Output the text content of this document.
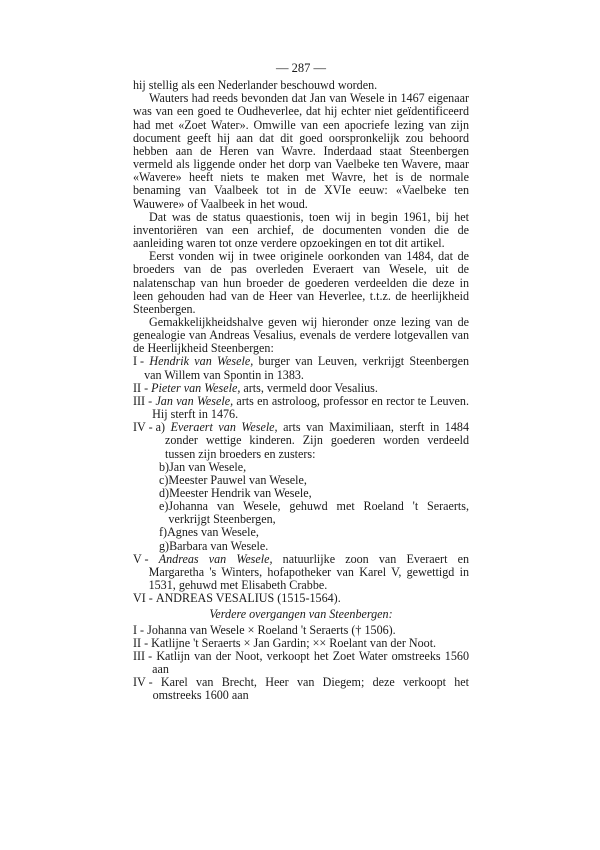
— 287 —

hij stellig als een Nederlander beschouwd worden.

Wauters had reeds bevonden dat Jan van Wesele in 1467 eigenaar was van een goed te Oudheverlee, dat hij echter niet geïdentificeerd had met «Zoet Water». Omwille van een apocriefe lezing van zijn document geeft hij aan dat dit goed oorspronkelijk zou behoord hebben aan de Heren van Wavre. Inderdaad staat Steenbergen vermeld als liggende onder het dorp van Vaelbeke ten Wavere, maar «Wavere» heeft niets te maken met Wavre, het is de normale benaming van Vaalbeek tot in de XVIe eeuw: «Vaelbeke ten Wauwere» of Vaalbeek in het woud.

Dat was de status quaestionis, toen wij in begin 1961, bij het inventoriëren van een archief, de documenten vonden die de aanleiding waren tot onze verdere opzoekingen en tot dit artikel.

Eerst vonden wij in twee originele oorkonden van 1484, dat de broeders van de pas overleden Everaert van Wesele, uit de nalatenschap van hun broeder de goederen verdeelden die deze in leen gehouden had van de Heer van Heverlee, t.t.z. de heerlijkheid Steenbergen.

Gemakkelijkheidshalve geven wij hieronder onze lezing van de genealogie van Andreas Vesalius, evenals de verdere lotgevallen van de Heerlijkheid Steenbergen:

I - Hendrik van Wesele, burger van Leuven, verkrijgt Steenbergen van Willem van Spontin in 1383.
II - Pieter van Wesele, arts, vermeld door Vesalius.
III - Jan van Wesele, arts en astroloog, professor en rector te Leuven. Hij sterft in 1476.
IV - a) Everaert van Wesele, arts van Maximiliaan, sterft in 1484 zonder wettige kinderen. Zijn goederen worden verdeeld tussen zijn broeders en zusters:
b) Jan van Wesele,
c) Meester Pauwel van Wesele,
d) Meester Hendrik van Wesele,
e) Johanna van Wesele, gehuwd met Roeland 't Seraerts, verkrijgt Steenbergen,
f) Agnes van Wesele,
g) Barbara van Wesele.
V - Andreas van Wesele, natuurlijke zoon van Everaert en Margaretha 's Winters, hofapotheker van Karel V, gewettigd in 1531, gehuwd met Elisabeth Crabbe.
VI - ANDREAS VESALIUS (1515-1564).
Verdere overgangen van Steenbergen:
I - Johanna van Wesele × Roeland 't Seraerts († 1506).
II - Katlijne 't Seraerts × Jan Gardin; ×× Roelant van der Noot.
III - Katlijn van der Noot, verkoopt het Zoet Water omstreeks 1560 aan
IV - Karel van Brecht, Heer van Diegem; deze verkoopt het omstreeks 1600 aan
